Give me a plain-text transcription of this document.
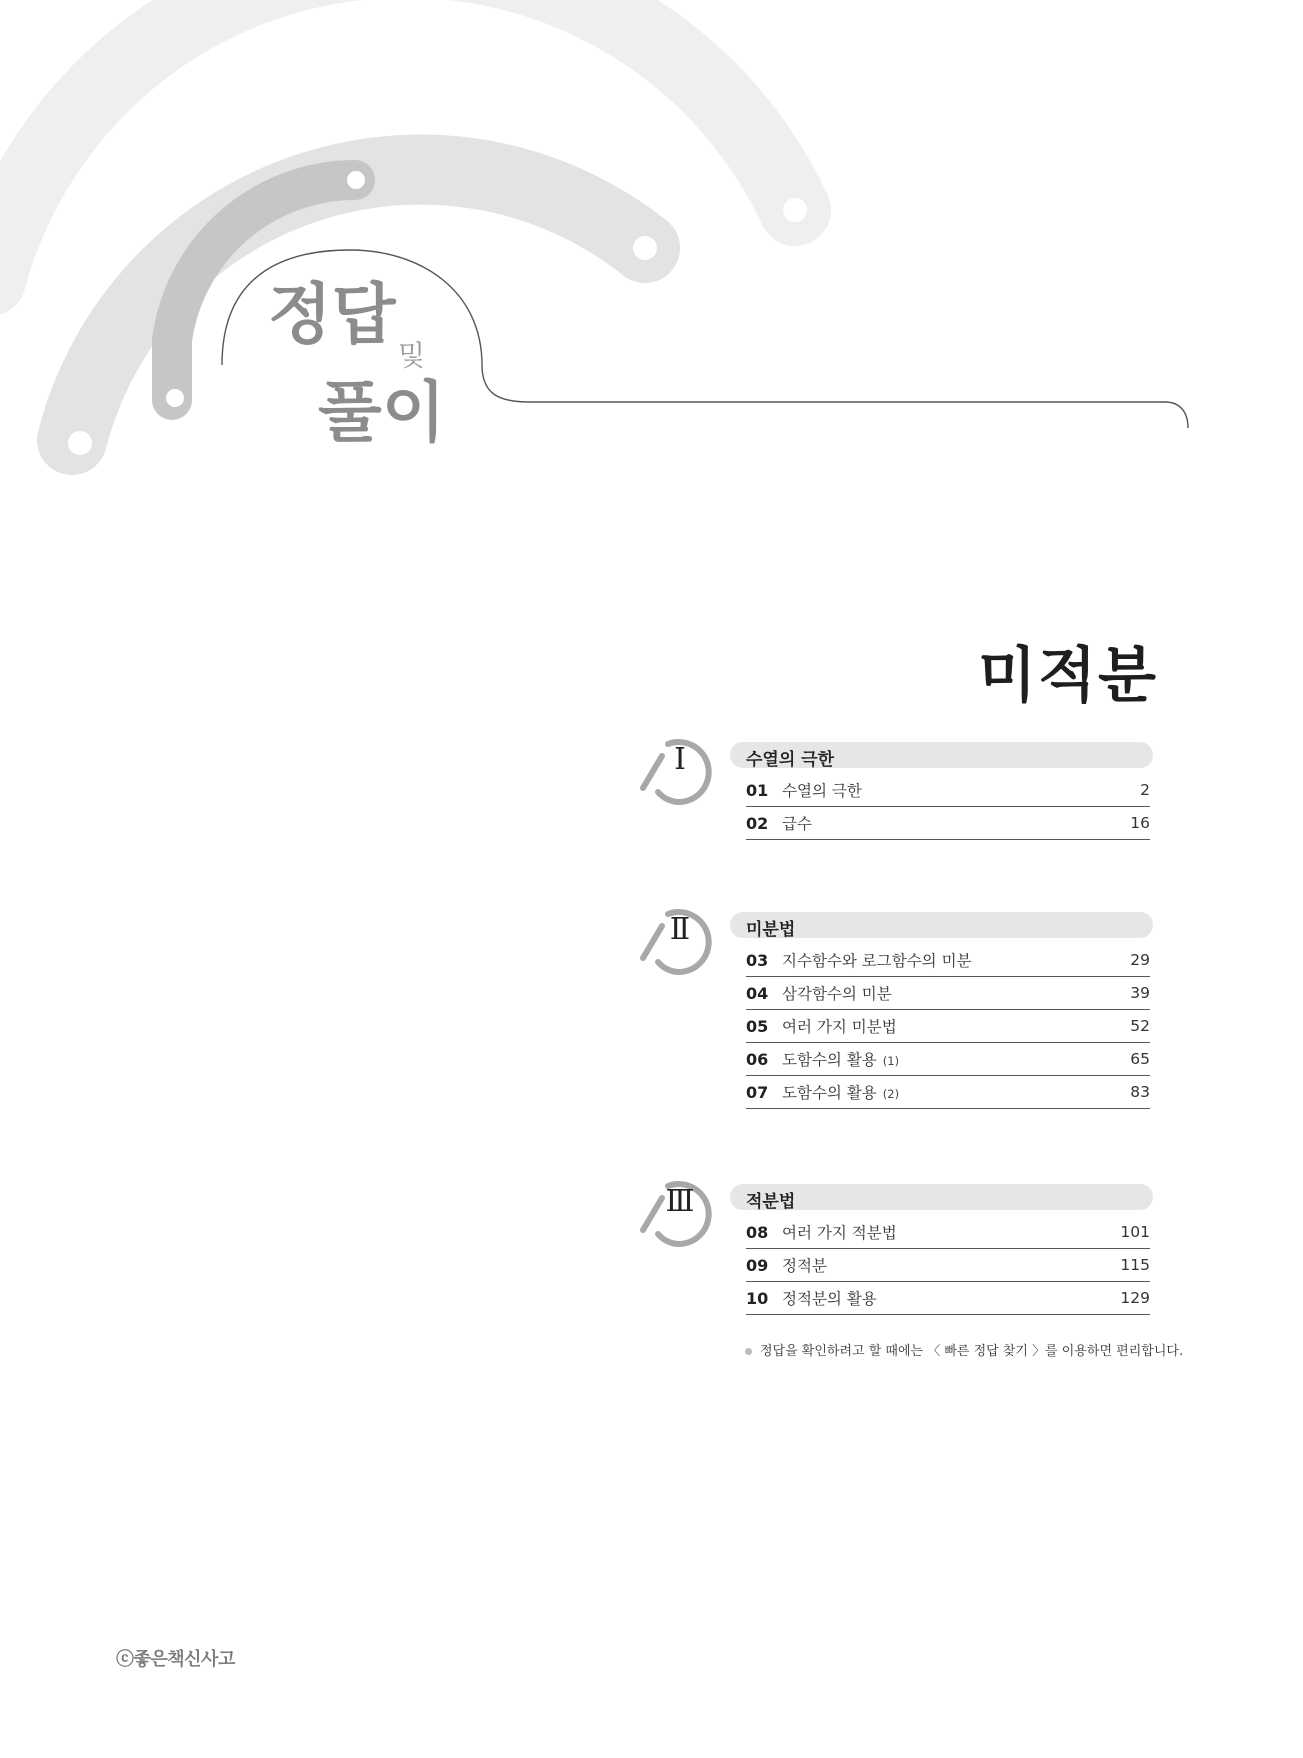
정답
및
풀이
미적분
Ⅰ	수열의 극한
01 수열의 극한	2
02 급수	16
Ⅱ	미분법
03 지수함수와 로그함수의 미분	29
04 삼각함수의 미분	39
05 여러 가지 미분법	52
06 도함수의 활용 (1)	65
07 도함수의 활용 (2)	83
Ⅲ	적분법
08 여러 가지 적분법	101
09 정적분	115
10 정적분의 활용	129
정답을 확인하려고 할 때에는 〈 빠른 정답 찾기 〉를 이용하면 편리합니다.
ⓒ좋은책신사고
